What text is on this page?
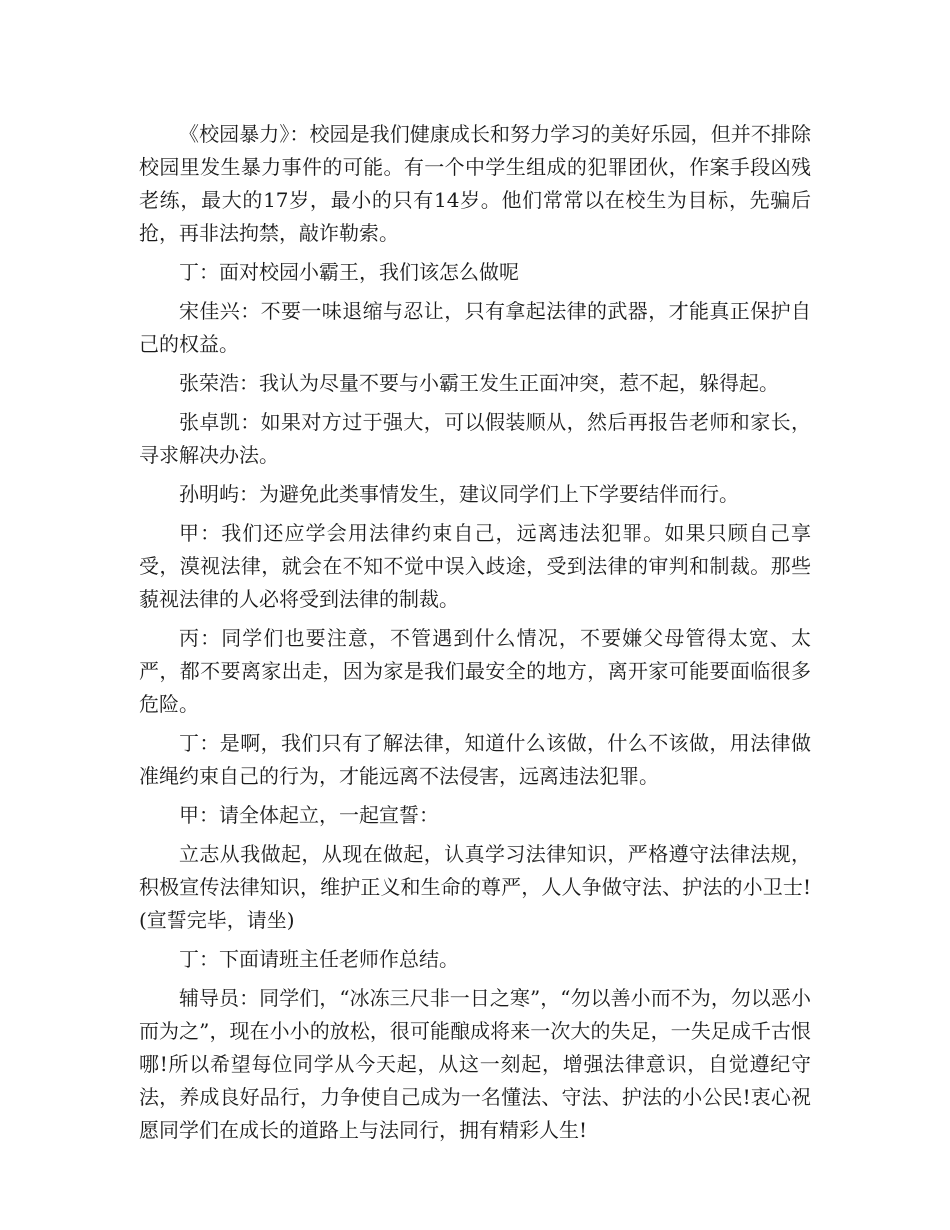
《校园暴力》：校园是我们健康成长和努力学习的美好乐园，但并不排除校园里发生暴力事件的可能。有一个中学生组成的犯罪团伙，作案手段凶残老练，最大的17岁，最小的只有14岁。他们常常以在校生为目标，先骗后抢，再非法拘禁，敲诈勒索。

丁：面对校园小霸王，我们该怎么做呢

宋佳兴：不要一味退缩与忍让，只有拿起法律的武器，才能真正保护自己的权益。

张荣浩：我认为尽量不要与小霸王发生正面冲突，惹不起，躲得起。

张卓凯：如果对方过于强大，可以假装顺从，然后再报告老师和家长，寻求解决办法。

孙明屿：为避免此类事情发生，建议同学们上下学要结伴而行。

甲：我们还应学会用法律约束自己，远离违法犯罪。如果只顾自己享受，漠视法律，就会在不知不觉中误入歧途，受到法律的审判和制裁。那些藐视法律的人必将受到法律的制裁。

丙：同学们也要注意，不管遇到什么情况，不要嫌父母管得太宽、太严，都不要离家出走，因为家是我们最安全的地方，离开家可能要面临很多危险。

丁：是啊，我们只有了解法律，知道什么该做，什么不该做，用法律做准绳约束自己的行为，才能远离不法侵害，远离违法犯罪。

甲：请全体起立，一起宣誓：

立志从我做起，从现在做起，认真学习法律知识，严格遵守法律法规，积极宣传法律知识，维护正义和生命的尊严，人人争做守法、护法的小卫士!(宣誓完毕，请坐)

丁：下面请班主任老师作总结。

辅导员：同学们，“冰冻三尺非一日之寒”，“勿以善小而不为，勿以恶小而为之”，现在小小的放松，很可能酿成将来一次大的失足，一失足成千古恨哪!所以希望每位同学从今天起，从这一刻起，增强法律意识，自觉遵纪守法，养成良好品行，力争使自己成为一名懂法、守法、护法的小公民!衷心祝愿同学们在成长的道路上与法同行，拥有精彩人生!
